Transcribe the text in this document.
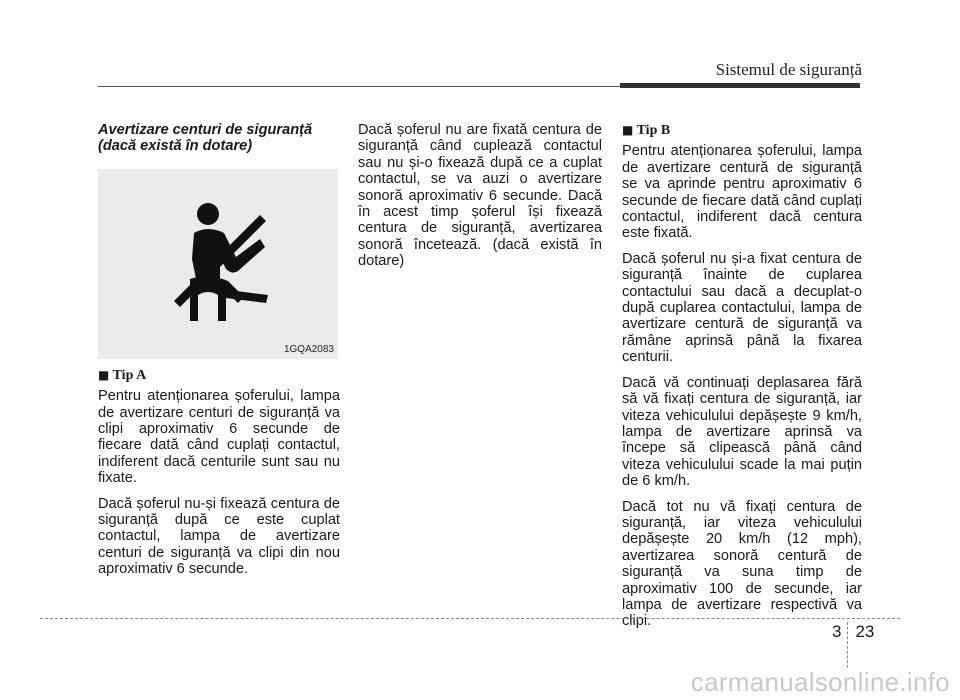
Sistemul de siguranță
Avertizare centuri de siguranță
(dacă există în dotare)
1GQA2083
■ Tip A

Pentru atenționarea șoferului, lampa de avertizare centuri de siguranță va clipi aproximativ 6 secunde de fiecare dată când cuplați contactul, indiferent dacă centurile sunt sau nu fixate.

Dacă șoferul nu-și fixează centura de siguranță după ce este cuplat contactul, lampa de avertizare centuri de siguranță va clipi din nou aproximativ 6 secunde.

Dacă șoferul nu are fixată centura de siguranță când cuplează contactul sau nu și-o fixează după ce a cuplat contactul, se va auzi o avertizare sonoră aproximativ 6 secunde. Dacă în acest timp șoferul își fixează centura de siguranță, avertizarea sonoră încetează. (dacă există în dotare)

■ Tip B

Pentru atenționarea șoferului, lampa de avertizare centură de siguranță se va aprinde pentru aproximativ 6 secunde de fiecare dată când cuplați contactul, indiferent dacă centura este fixată.

Dacă șoferul nu și-a fixat centura de siguranță înainte de cuplarea contactului sau dacă a decuplat-o după cuplarea contactului, lampa de avertizare centură de siguranță va rămâne aprinsă până la fixarea centurii.

Dacă vă continuați deplasarea fără să vă fixați centura de siguranță, iar viteza vehiculului depășește 9 km/h, lampa de avertizare aprinsă va începe să clipească până când viteza vehiculului scade la mai puțin de 6 km/h.

Dacă tot nu vă fixați centura de siguranță, iar viteza vehiculului depășește 20 km/h (12 mph), avertizarea sonoră centură de siguranță va suna timp de aproximativ 100 de secunde, iar lampa de avertizare respectivă va clipi.

3 23
carmanualsonline.info
